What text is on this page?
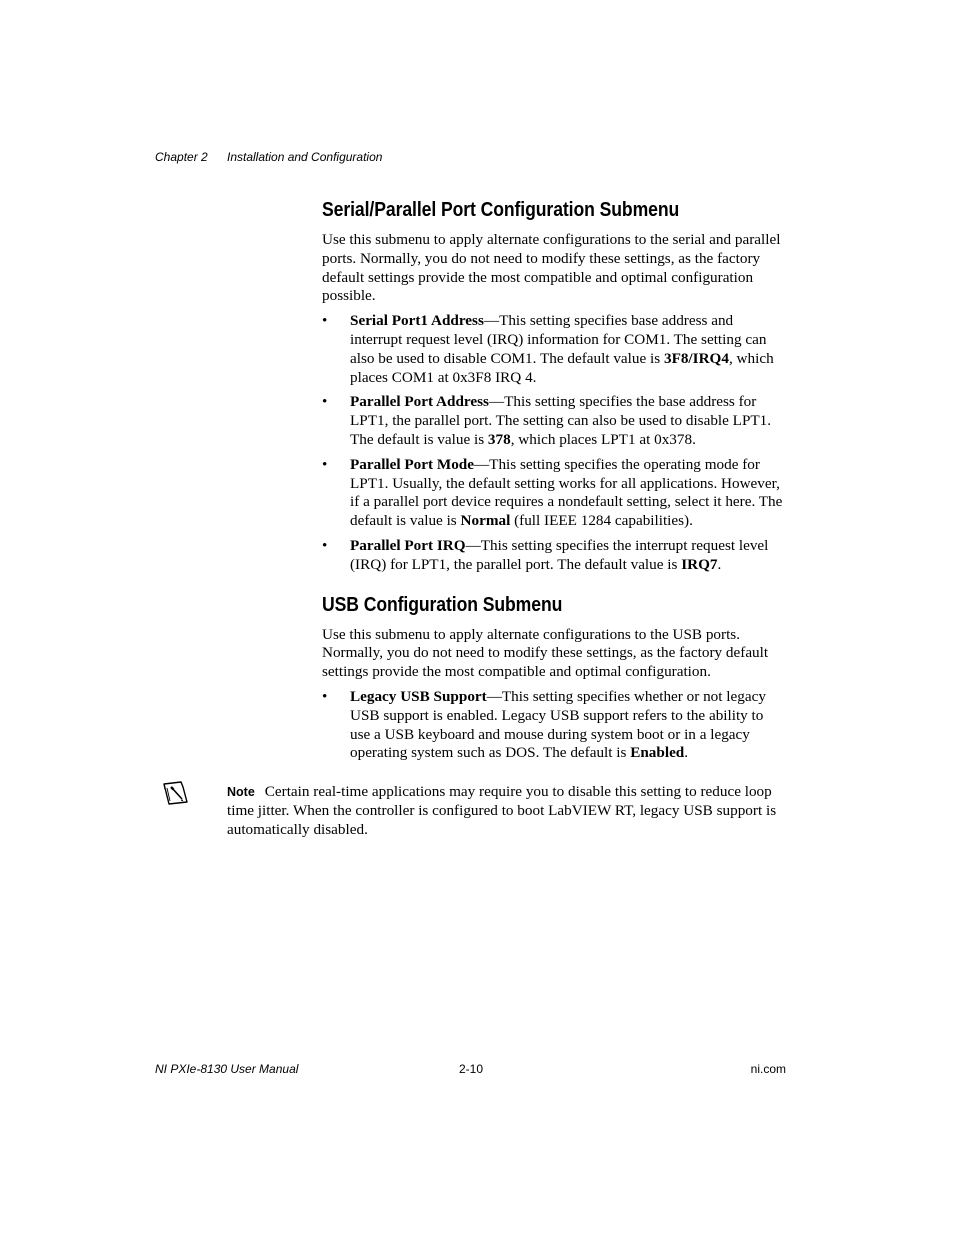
Chapter 2 Installation and Configuration
Serial/Parallel Port Configuration Submenu

Use this submenu to apply alternate configurations to the serial and parallel ports. Normally, you do not need to modify these settings, as the factory default settings provide the most compatible and optimal configuration possible.

• Serial Port1 Address—This setting specifies base address and interrupt request level (IRQ) information for COM1. The setting can also be used to disable COM1. The default value is 3F8/IRQ4, which places COM1 at 0x3F8 IRQ 4.
• Parallel Port Address—This setting specifies the base address for LPT1, the parallel port. The setting can also be used to disable LPT1. The default is value is 378, which places LPT1 at 0x378.
• Parallel Port Mode—This setting specifies the operating mode for LPT1. Usually, the default setting works for all applications. However, if a parallel port device requires a nondefault setting, select it here. The default is value is Normal (full IEEE 1284 capabilities).
• Parallel Port IRQ—This setting specifies the interrupt request level (IRQ) for LPT1, the parallel port. The default value is IRQ7.
USB Configuration Submenu

Use this submenu to apply alternate configurations to the USB ports. Normally, you do not need to modify these settings, as the factory default settings provide the most compatible and optimal configuration.

• Legacy USB Support—This setting specifies whether or not legacy USB support is enabled. Legacy USB support refers to the ability to use a USB keyboard and mouse during system boot or in a legacy operating system such as DOS. The default is Enabled.
Note Certain real-time applications may require you to disable this setting to reduce loop time jitter. When the controller is configured to boot LabVIEW RT, legacy USB support is automatically disabled.
NI PXIe-8130 User Manual	2-10	ni.com
